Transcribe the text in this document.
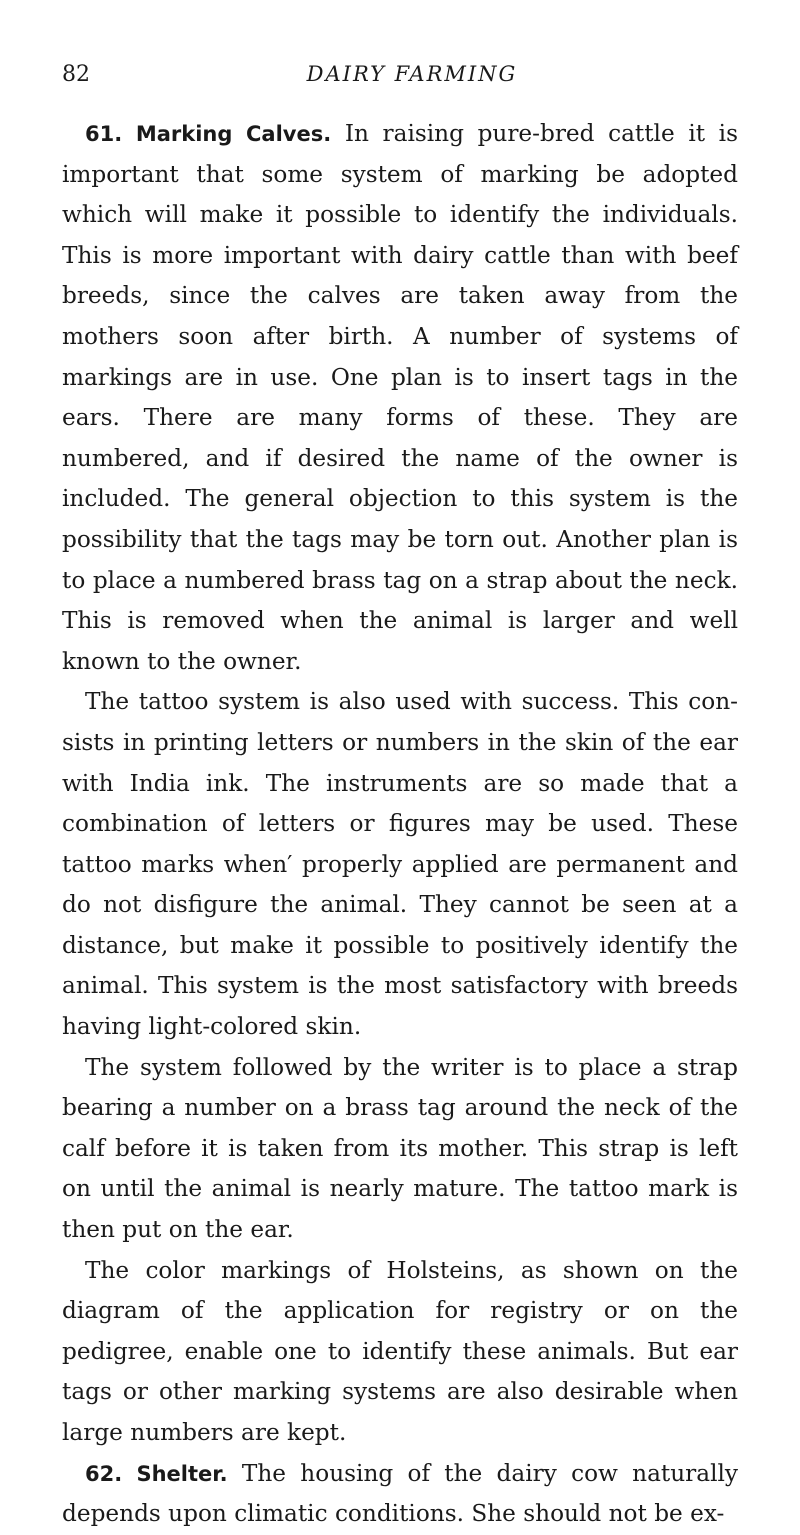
82	DAIRY FARMING

61. Marking Calves. In raising pure-bred cattle it is important that some system of marking be adopted which will make it possible to identify the individuals. This is more important with dairy cattle than with beef breeds, since the calves are taken away from the mothers soon after birth. A number of systems of markings are in use. One plan is to insert tags in the ears. There are many forms of these. They are numbered, and if desired the name of the owner is included. The general objection to this system is the possibility that the tags may be torn out. Another plan is to place a numbered brass tag on a strap about the neck. This is removed when the animal is larger and well known to the owner.

The tattoo system is also used with success. This consists in printing letters or numbers in the skin of the ear with India ink. The instruments are so made that a combination of letters or figures may be used. These tattoo marks when′ properly applied are permanent and do not disfigure the animal. They cannot be seen at a distance, but make it possible to positively identify the animal. This system is the most satisfactory with breeds having light-colored skin.

The system followed by the writer is to place a strap bearing a number on a brass tag around the neck of the calf before it is taken from its mother. This strap is left on until the animal is nearly mature. The tattoo mark is then put on the ear.

The color markings of Holsteins, as shown on the diagram of the application for registry or on the pedigree, enable one to identify these animals. But ear tags or other marking systems are also desirable when large numbers are kept.

62. Shelter. The housing of the dairy cow naturally depends upon climatic conditions. She should not be ex-
